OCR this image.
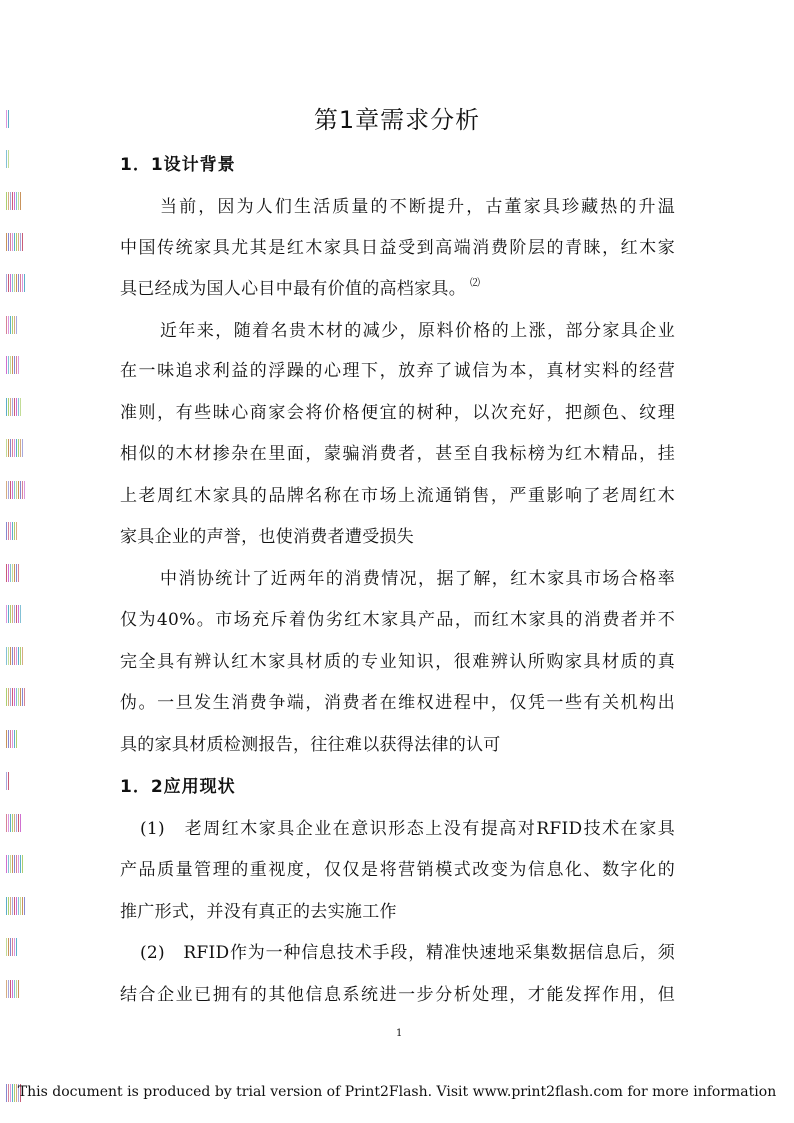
第1章需求分析
1．1设计背景
当前，因为人们生活质量的不断提升，古董家具珍藏热的升温
中国传统家具尤其是红木家具日益受到高端消费阶层的青睐，红木家
具已经成为国人心目中最有价值的高档家具。 ⑵
近年来，随着名贵木材的减少，原料价格的上涨，部分家具企业
在一味追求利益的浮躁的心理下，放弃了诚信为本，真材实料的经营
准则，有些昧心商家会将价格便宜的树种，以次充好，把颜色、纹理
相似的木材掺杂在里面，蒙骗消费者，甚至自我标榜为红木精品，挂
上老周红木家具的品牌名称在市场上流通销售，严重影响了老周红木
家具企业的声誉，也使消费者遭受损失
中消协统计了近两年的消费情况，据了解，红木家具市场合格率
仅为40%。市场充斥着伪劣红木家具产品，而红木家具的消费者并不
完全具有辨认红木家具材质的专业知识，很难辨认所购家具材质的真
伪。一旦发生消费争端，消费者在维权进程中，仅凭一些有关机构出
具的家具材质检测报告，往往难以获得法律的认可
1．2应用现状
(1)　老周红木家具企业在意识形态上没有提高对RFID技术在家具
产品质量管理的重视度，仅仅是将营销模式改变为信息化、数字化的
推广形式，并没有真正的去实施工作
(2)　RFID作为一种信息技术手段，精准快速地采集数据信息后，须
结合企业已拥有的其他信息系统进一步分析处理，才能发挥作用，但
1
This document is produced by trial version of Print2Flash. Visit www.print2flash.com for more information
